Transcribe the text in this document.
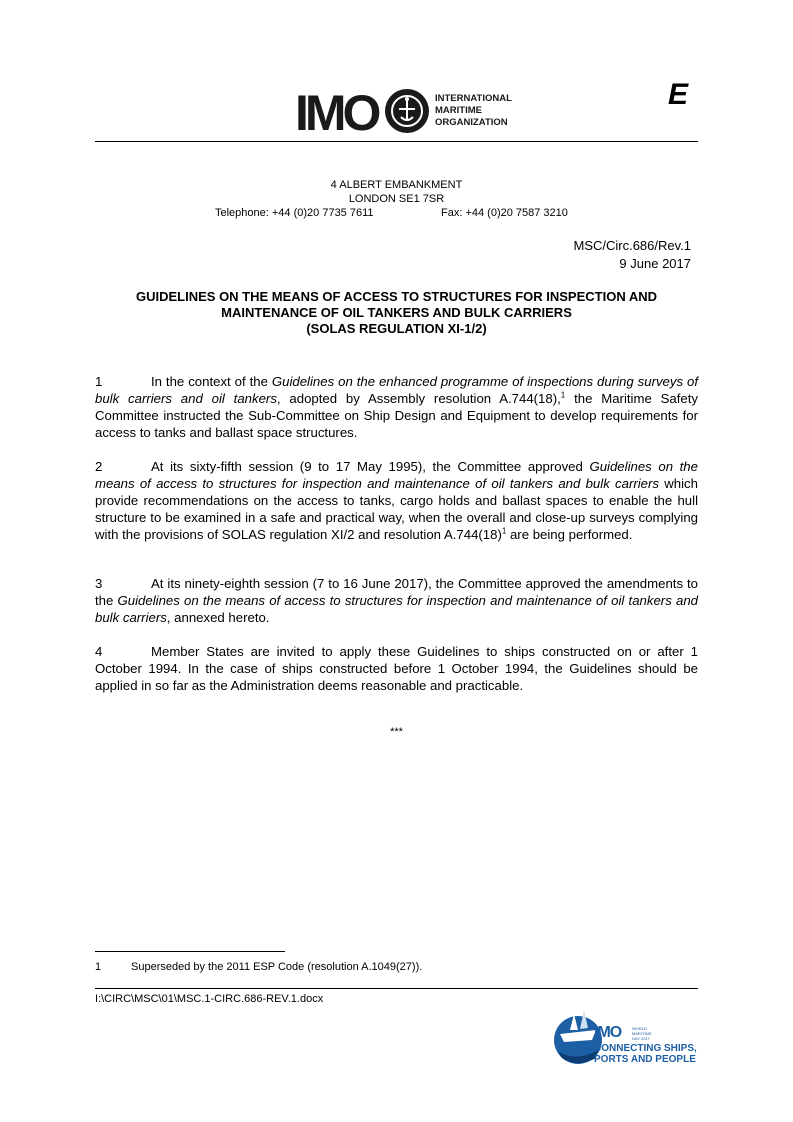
IMO	INTERNATIONAL
MARITIME
ORGANIZATION
E
4 ALBERT EMBANKMENT
LONDON SE1 7SR
Telephone: +44 (0)20 7735 7611	Fax: +44 (0)20 7587 3210
MSC/Circ.686/Rev.1
9 June 2017
GUIDELINES ON THE MEANS OF ACCESS TO STRUCTURES FOR INSPECTION AND
MAINTENANCE OF OIL TANKERS AND BULK CARRIERS
(SOLAS REGULATION XI-1/2)
1	In the context of the Guidelines on the enhanced programme of inspections during surveys of bulk carriers and oil tankers, adopted by Assembly resolution A.744(18),$^1$ the Maritime Safety Committee instructed the Sub-Committee on Ship Design and Equipment to develop requirements for access to tanks and ballast space structures.
2	At its sixty-fifth session (9 to 17 May 1995), the Committee approved Guidelines on the means of access to structures for inspection and maintenance of oil tankers and bulk carriers which provide recommendations on the access to tanks, cargo holds and ballast spaces to enable the hull structure to be examined in a safe and practical way, when the overall and close-up surveys complying with the provisions of SOLAS regulation XI/2 and resolution $A.744(18)^1$ are being performed.
3	At its ninety-eighth session (7 to 16 June 2017), the Committee approved the amendments to the Guidelines on the means of access to structures for inspection and maintenance of oil tankers and bulk carriers, annexed hereto.
4	Member States are invited to apply these Guidelines to ships constructed on or after 1 October 1994. In the case of ships constructed before 1 October 1994, the Guidelines should be applied in so far as the Administration deems reasonable and practicable.
***
1	Superseded by the 2011 ESP Code (resolution A.1049(27)).
I:\CIRC\MSC\01\MSC.1-CIRC.686-REV.1.docx
IMO	WORLD
MARITIME
DAY 2017
CONNECTING SHIPS,
PORTS AND PEOPLE
